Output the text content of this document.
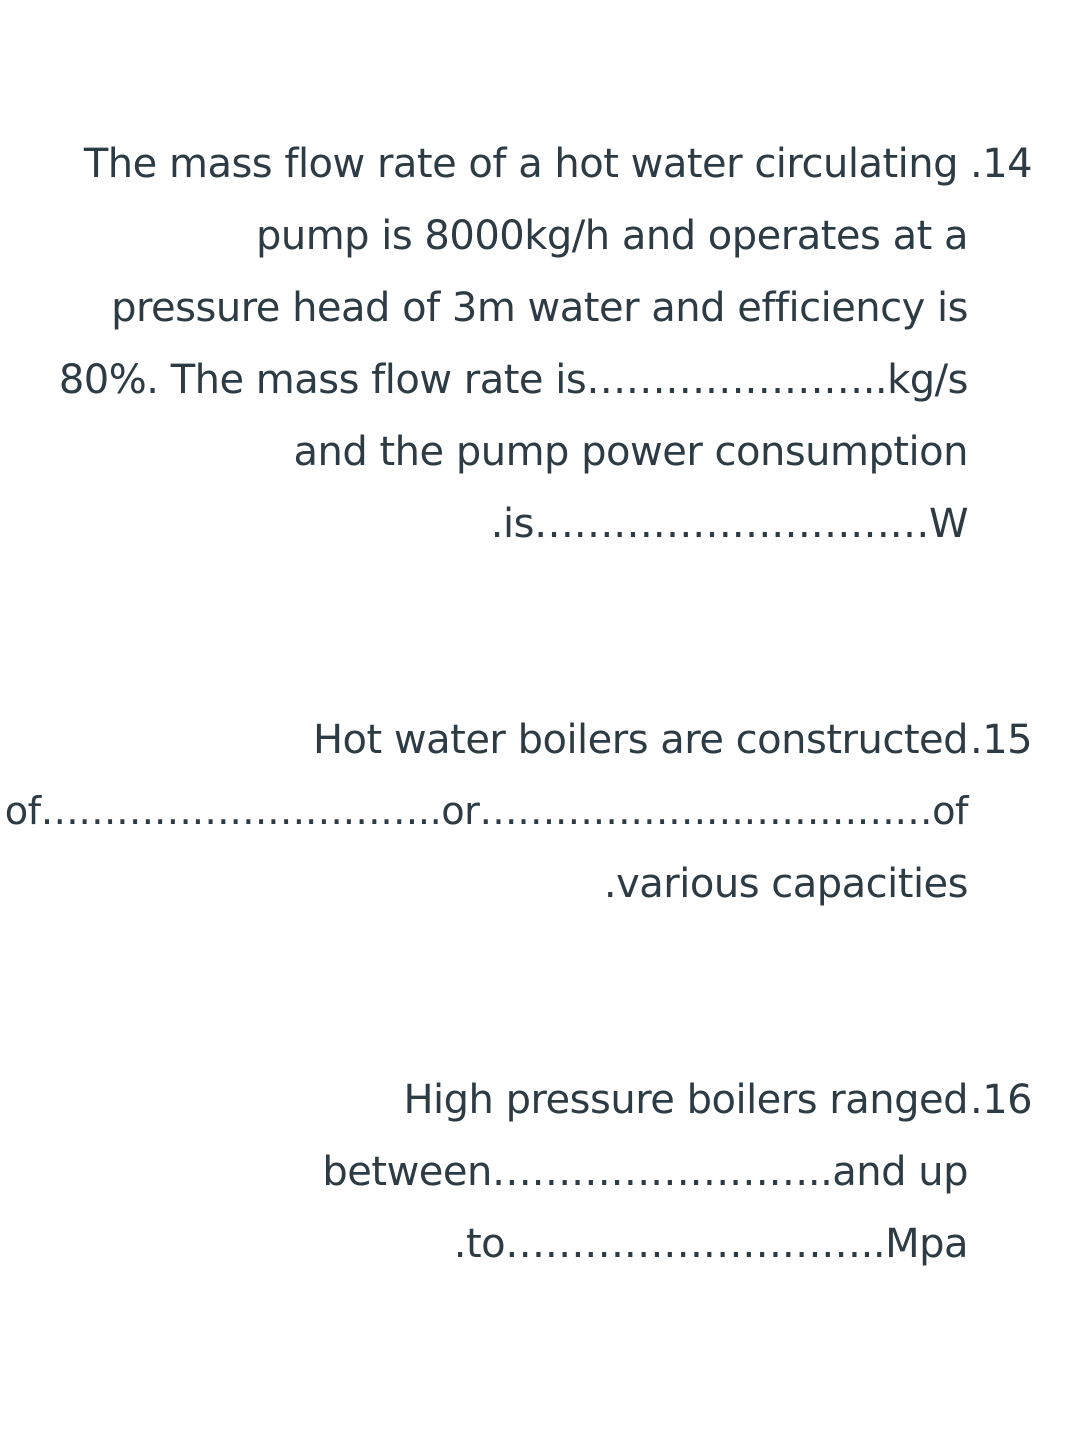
.14
The mass flow rate of a hot water circulating
pump is 8000kg/h and operates at a
pressure head of 3m water and efficiency is
80%. The mass flow rate is…………………..kg/s
and the pump power consumption
.is…………………………W
.15
Hot water boilers are constructed
of…………………………..or………………………………of
.various capacities
.16
High pressure boilers ranged
between……………………..and up
.to………………………..Mpa
